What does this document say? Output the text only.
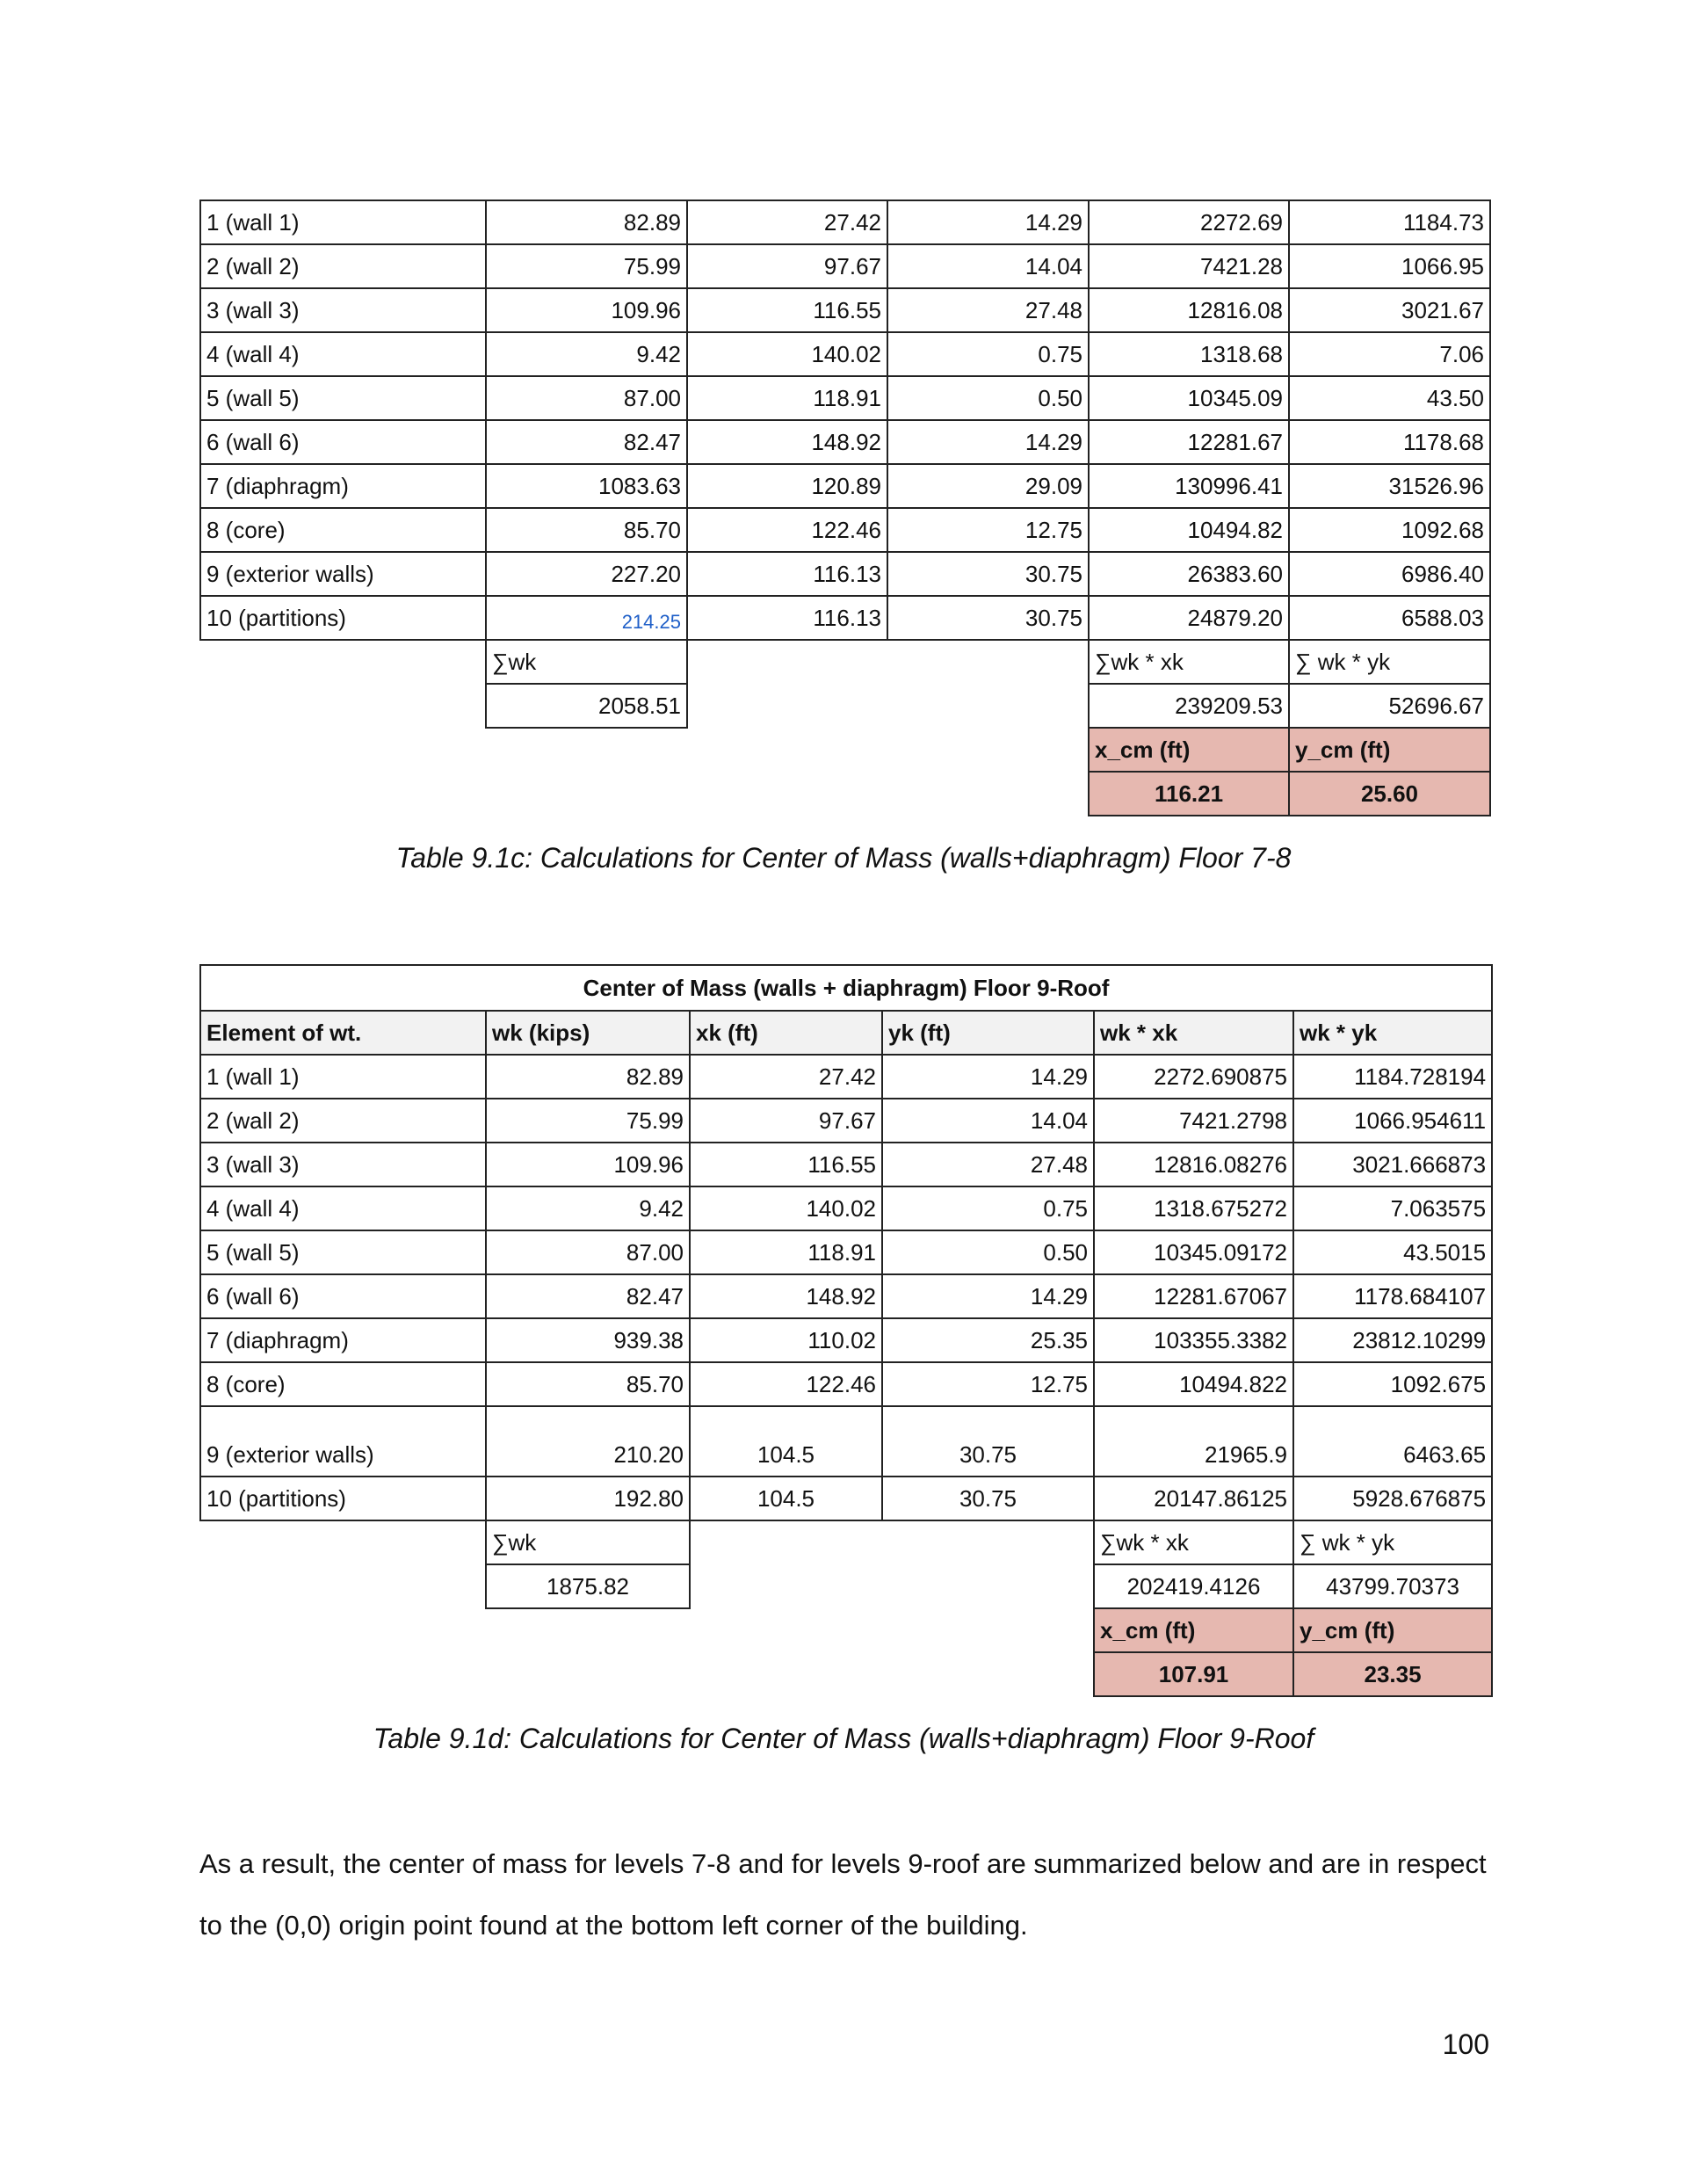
1 (wall 1)	82.89	27.42	14.29	2272.69	1184.73
2 (wall 2)	75.99	97.67	14.04	7421.28	1066.95
3 (wall 3)	109.96	116.55	27.48	12816.08	3021.67
4 (wall 4)	9.42	140.02	0.75	1318.68	7.06
5 (wall 5)	87.00	118.91	0.50	10345.09	43.50
6 (wall 6)	82.47	148.92	14.29	12281.67	1178.68
7 (diaphragm)	1083.63	120.89	29.09	130996.41	31526.96
8 (core)	85.70	122.46	12.75	10494.82	1092.68
9 (exterior walls)	227.20	116.13	30.75	26383.60	6986.40
10 (partitions)	214.25	116.13	30.75	24879.20	6588.03
	∑wk			∑wk * xk	∑ wk * yk
	2058.51			239209.53	52696.67
				x_cm (ft)	y_cm (ft)
				116.21	25.60
Table 9.1c: Calculations for Center of Mass (walls+diaphragm) Floor 7-8
Center of Mass (walls + diaphragm) Floor 9-Roof					
Element of wt.	wk (kips)	xk (ft)	yk (ft)	wk * xk	wk * yk
1 (wall 1)	82.89	27.42	14.29	2272.690875	1184.728194
2 (wall 2)	75.99	97.67	14.04	7421.2798	1066.954611
3 (wall 3)	109.96	116.55	27.48	12816.08276	3021.666873
4 (wall 4)	9.42	140.02	0.75	1318.675272	7.063575
5 (wall 5)	87.00	118.91	0.50	10345.09172	43.5015
6 (wall 6)	82.47	148.92	14.29	12281.67067	1178.684107
7 (diaphragm)	939.38	110.02	25.35	103355.3382	23812.10299
8 (core)	85.70	122.46	12.75	10494.822	1092.675
9 (exterior walls)	210.20	104.5	30.75	21965.9	6463.65
10 (partitions)	192.80	104.5	30.75	20147.86125	5928.676875
	∑wk			∑wk * xk	∑ wk * yk
	1875.82			202419.4126	43799.70373
				x_cm (ft)	y_cm (ft)
				107.91	23.35
Table 9.1d: Calculations for Center of Mass (walls+diaphragm) Floor 9-Roof
As a result, the center of mass for levels 7-8 and for levels 9-roof are summarized below and are in respect to the (0,0) origin point found at the bottom left corner of the building.
100
